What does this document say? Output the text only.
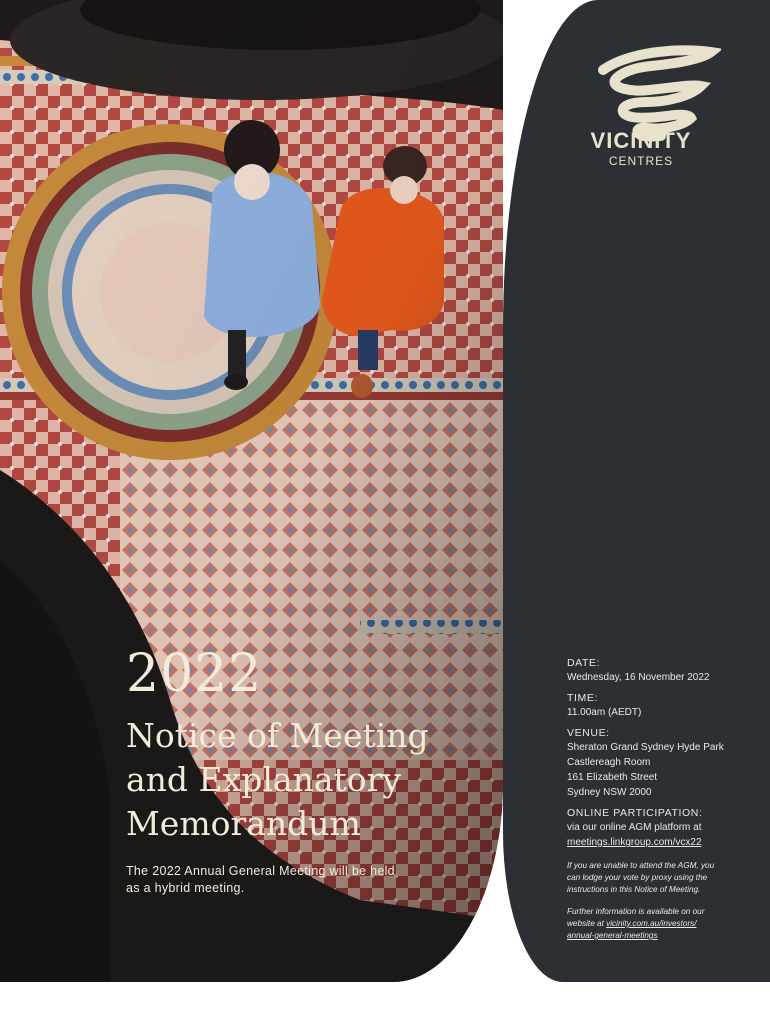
2022
Notice of Meeting
and Explanatory
Memorandum
The 2022 Annual General Meeting will be held
as a hybrid meeting.
VICINITY
CENTRES

DATE:

Wednesday, 16 November 2022

TIME:

11.00am (AEDT)

VENUE:

Sheraton Grand Sydney Hyde Park

Castlereagh Room

161 Elizabeth Street

Sydney NSW 2000

ONLINE PARTICIPATION:

via our online AGM platform at

meetings.linkgroup.com/vcx22

If you are unable to attend the AGM, you
can lodge your vote by proxy using the
instructions in this Notice of Meeting.
Further information is available on our
website at vicinity.com.au/investors/
annual-general-meetings
